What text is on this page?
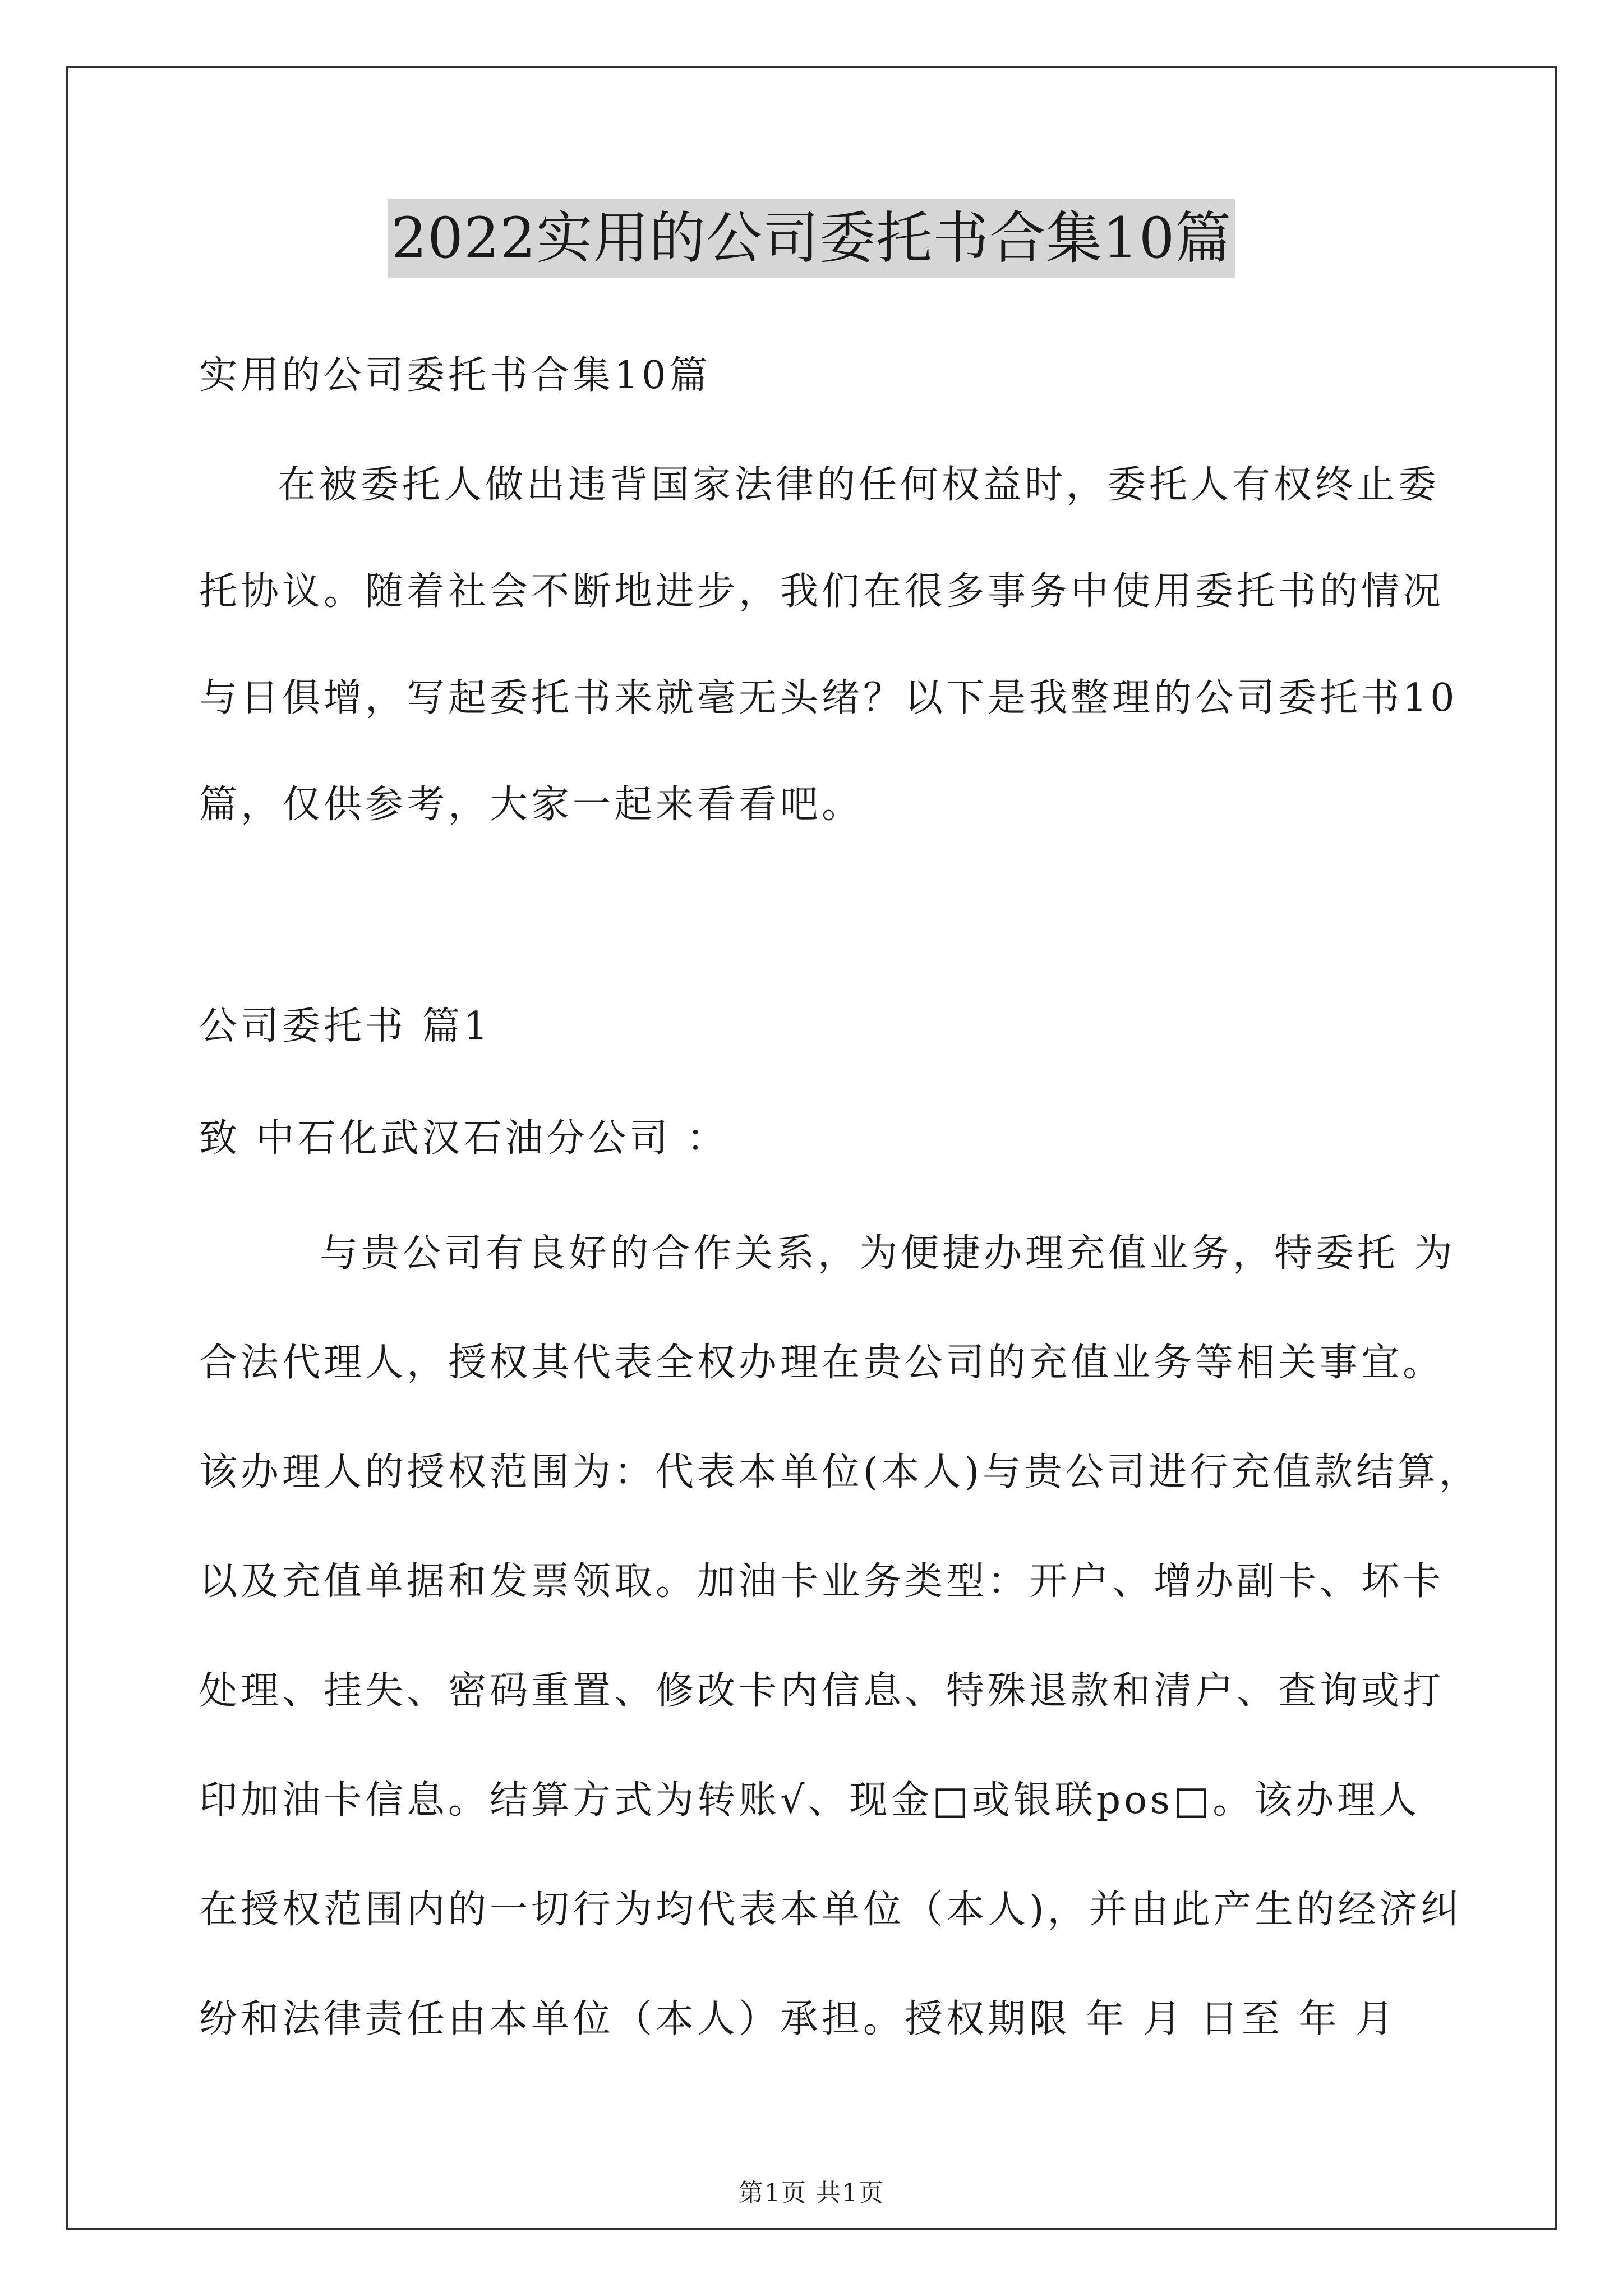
2022实用的公司委托书合集10篇
实用的公司委托书合集10篇
在被委托人做出违背国家法律的任何权益时，委托人有权终止委
托协议。随着社会不断地进步，我们在很多事务中使用委托书的情况
与日俱增，写起委托书来就毫无头绪？以下是我整理的公司委托书10
篇，仅供参考，大家一起来看看吧。
公司委托书 篇1
致 中石化武汉石油分公司 ：
与贵公司有良好的合作关系，为便捷办理充值业务，特委托 为
合法代理人，授权其代表全权办理在贵公司的充值业务等相关事宜。
该办理人的授权范围为：代表本单位(本人)与贵公司进行充值款结算，
以及充值单据和发票领取。加油卡业务类型：开户、增办副卡、坏卡
处理、挂失、密码重置、修改卡内信息、特殊退款和清户、查询或打
印加油卡信息。结算方式为转账√、现金□或银联pos□。该办理人
在授权范围内的一切行为均代表本单位（本人)，并由此产生的经济纠
纷和法律责任由本单位（本人）承担。授权期限 年 月 日至 年 月
第1页 共1页
